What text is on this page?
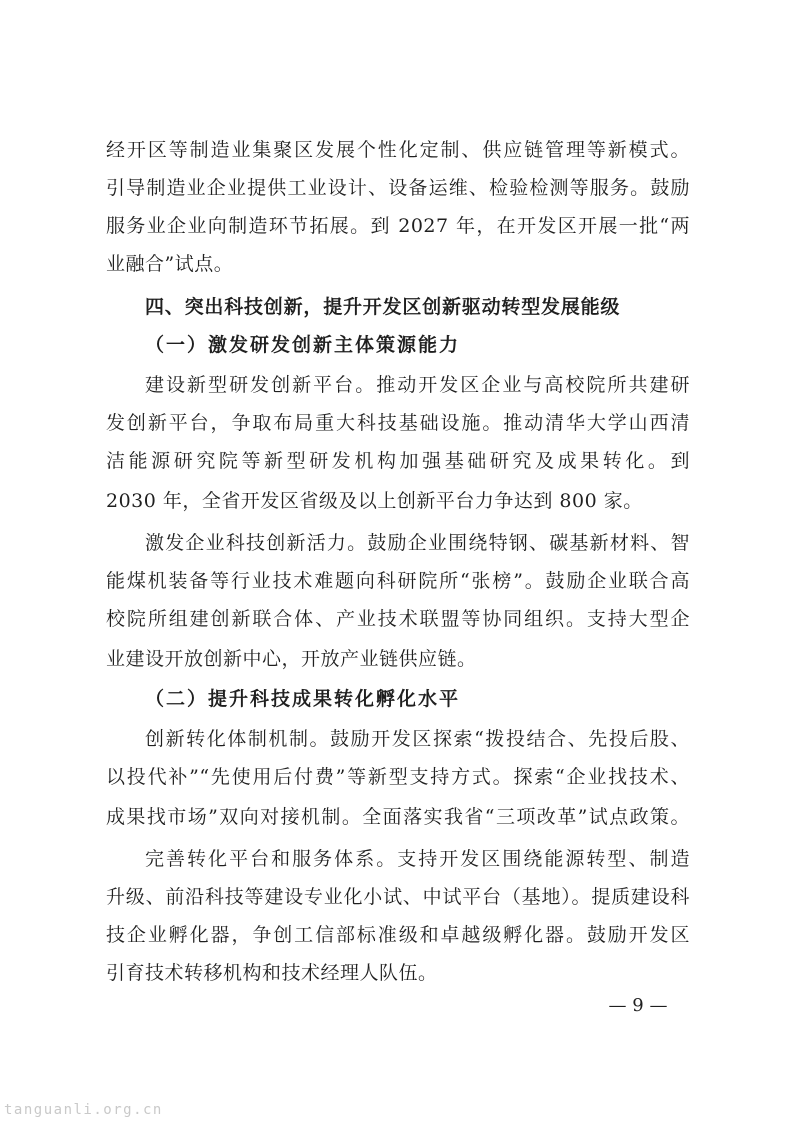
经开区等制造业集聚区发展个性化定制、供应链管理等新模式。
引导制造业企业提供工业设计、设备运维、检验检测等服务。鼓励
服务业企业向制造环节拓展。到 2027 年，在开发区开展一批“两
业融合”试点。
四、突出科技创新，提升开发区创新驱动转型发展能级
（一）激发研发创新主体策源能力
建设新型研发创新平台。推动开发区企业与高校院所共建研
发创新平台，争取布局重大科技基础设施。推动清华大学山西清
洁能源研究院等新型研发机构加强基础研究及成果转化。到
2030 年，全省开发区省级及以上创新平台力争达到 800 家。
激发企业科技创新活力。鼓励企业围绕特钢、碳基新材料、智
能煤机装备等行业技术难题向科研院所“张榜”。鼓励企业联合高
校院所组建创新联合体、产业技术联盟等协同组织。支持大型企
业建设开放创新中心，开放产业链供应链。
（二）提升科技成果转化孵化水平
创新转化体制机制。鼓励开发区探索“拨投结合、先投后股、
以投代补”“先使用后付费”等新型支持方式。探索“企业找技术、
成果找市场”双向对接机制。全面落实我省“三项改革”试点政策。
完善转化平台和服务体系。支持开发区围绕能源转型、制造
升级、前沿科技等建设专业化小试、中试平台（基地）。提质建设科
技企业孵化器，争创工信部标准级和卓越级孵化器。鼓励开发区
引育技术转移机构和技术经理人队伍。
— 9 —
tanguanli.org.cn
